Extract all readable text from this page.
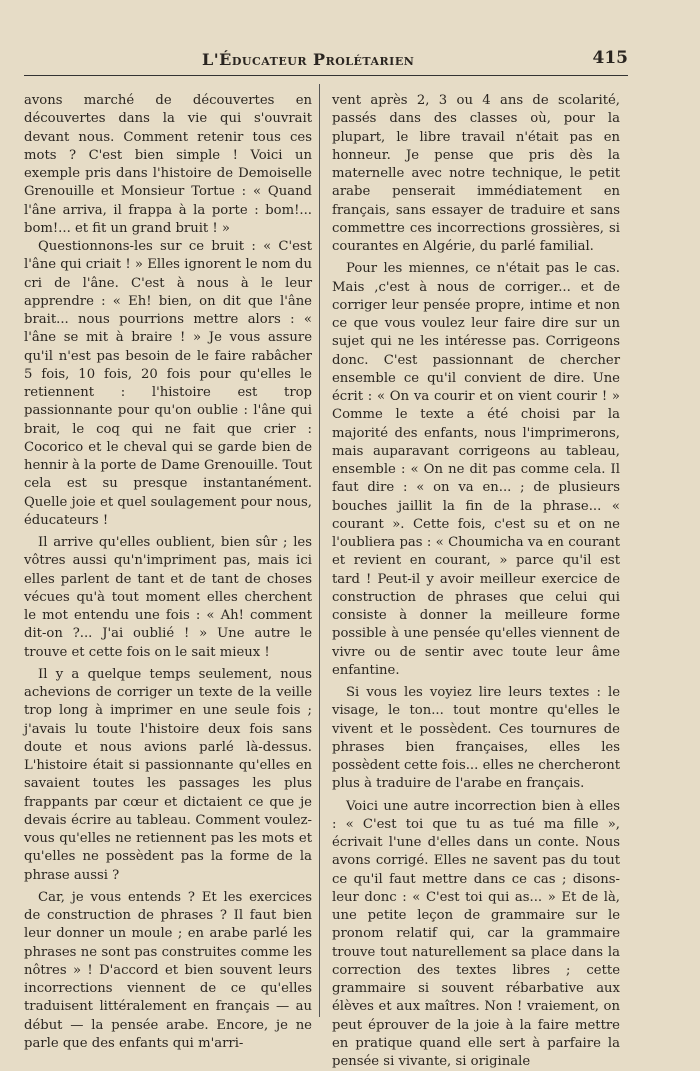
L'Éducateur Prolétarien	415

avons marché de découvertes en découvertes dans la vie qui s'ouvrait devant nous. Comment retenir tous ces mots ? C'est bien simple ! Voici un exemple pris dans l'histoire de Demoiselle Grenouille et Monsieur Tortue : « Quand l'âne arriva, il frappa à la porte : bom!... bom!... et fit un grand bruit ! »

Questionnons-les sur ce bruit : « C'est l'âne qui criait ! » Elles ignorent le nom du cri de l'âne. C'est à nous à le leur apprendre : « Eh! bien, on dit que l'âne brait... nous pourrions mettre alors : « l'âne se mit à braire ! » Je vous assure qu'il n'est pas besoin de le faire rabâcher 5 fois, 10 fois, 20 fois pour qu'elles le retiennent : l'histoire est trop passionnante pour qu'on oublie : l'âne qui brait, le coq qui ne fait que crier : Cocorico et le cheval qui se garde bien de hennir à la porte de Dame Grenouille. Tout cela est su presque instantanément. Quelle joie et quel soulagement pour nous, éducateurs !

Il arrive qu'elles oublient, bien sûr ; les vôtres aussi qu'n'impriment pas, mais ici elles parlent de tant et de tant de choses vécues qu'à tout moment elles cherchent le mot entendu une fois : « Ah! comment dit-on ?... J'ai oublié ! » Une autre le trouve et cette fois on le sait mieux !

Il y a quelque temps seulement, nous achevions de corriger un texte de la veille trop long à imprimer en une seule fois ; j'avais lu toute l'histoire deux fois sans doute et nous avions parlé là-dessus. L'histoire était si passionnante qu'elles en savaient toutes les passages les plus frappants par cœur et dictaient ce que je devais écrire au tableau. Comment voulez-vous qu'elles ne retiennent pas les mots et qu'elles ne possèdent pas la forme de la phrase aussi ?

Car, je vous entends ? Et les exercices de construction de phrases ? Il faut bien leur donner un moule ; en arabe parlé les phrases ne sont pas construites comme les nôtres » ! D'accord et bien souvent leurs incorrections viennent de ce qu'elles traduisent littéralement en français — au début — la pensée arabe. Encore, je ne parle que des enfants qui m'arri-

vent après 2, 3 ou 4 ans de scolarité, passés dans des classes où, pour la plupart, le libre travail n'était pas en honneur. Je pense que pris dès la maternelle avec notre technique, le petit arabe penserait immédiatement en français, sans essayer de traduire et sans commettre ces incorrections grossières, si courantes en Algérie, du parlé familial.

Pour les miennes, ce n'était pas le cas. Mais ,c'est à nous de corriger... et de corriger leur pensée propre, intime et non ce que vous voulez leur faire dire sur un sujet qui ne les intéresse pas. Corrigeons donc. C'est passionnant de chercher ensemble ce qu'il convient de dire. Une écrit : « On va courir et on vient courir ! » Comme le texte a été choisi par la majorité des enfants, nous l'imprimerons, mais auparavant corrigeons au tableau, ensemble : « On ne dit pas comme cela. Il faut dire : « on va en... ; de plusieurs bouches jaillit la fin de la phrase... « courant ». Cette fois, c'est su et on ne l'oubliera pas : « Choumicha va en courant et revient en courant, » parce qu'il est tard ! Peut-il y avoir meilleur exercice de construction de phrases que celui qui consiste à donner la meilleure forme possible à une pensée qu'elles viennent de vivre ou de sentir avec toute leur âme enfantine.

Si vous les voyiez lire leurs textes : le visage, le ton... tout montre qu'elles le vivent et le possèdent. Ces tournures de phrases bien françaises, elles les possèdent cette fois... elles ne chercheront plus à traduire de l'arabe en français.

Voici une autre incorrection bien à elles : « C'est toi que tu as tué ma fille », écrivait l'une d'elles dans un conte. Nous avons corrigé. Elles ne savent pas du tout ce qu'il faut mettre dans ce cas ; disons-leur donc : « C'est toi qui as... » Et de là, une petite leçon de grammaire sur le pronom relatif qui, car la grammaire trouve tout naturellement sa place dans la correction des textes libres ; cette grammaire si souvent rébarbative aux élèves et aux maîtres. Non ! vraiement, on peut éprouver de la joie à la faire mettre en pratique quand elle sert à parfaire la pensée si vivante, si originale
